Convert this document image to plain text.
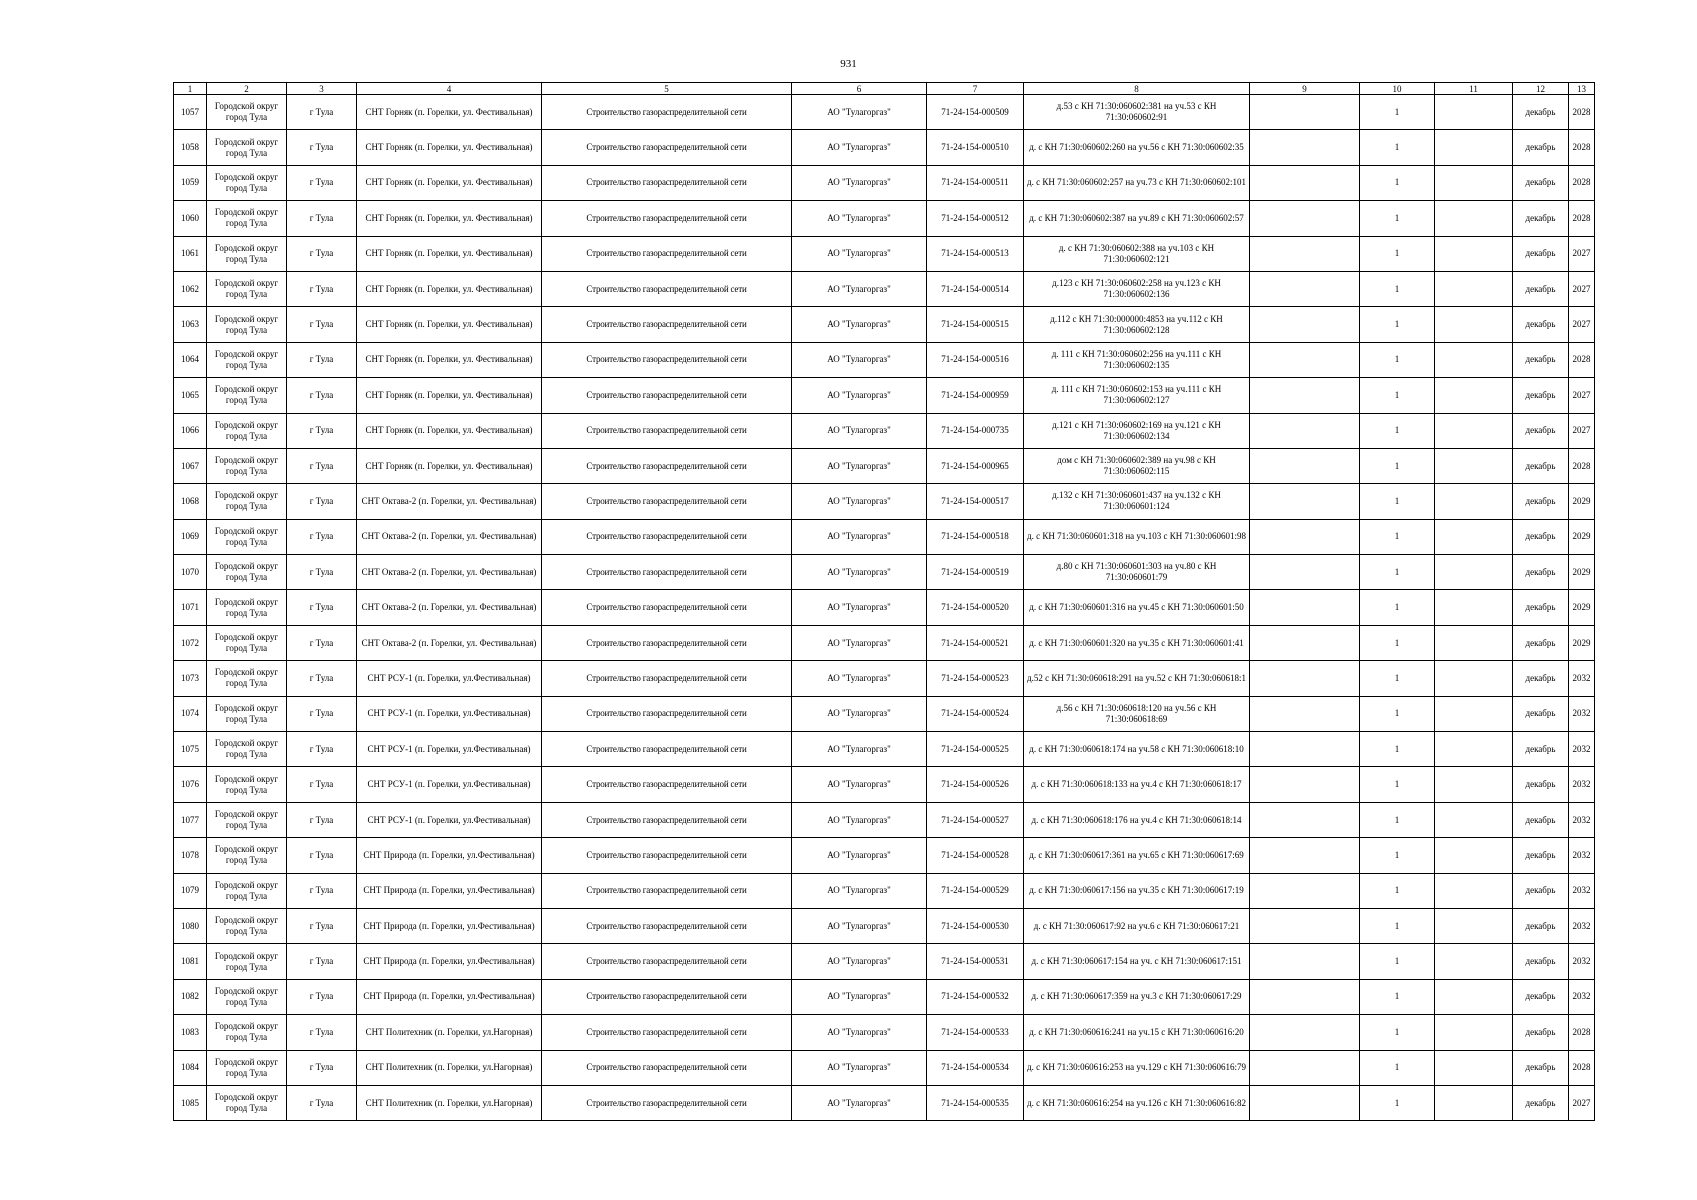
931
1	2	3	4	5	6	7	8	9	10	11	12	13
1057	Городской округ город Тула	г Тула	СНТ Горняк (п. Горелки, ул. Фестивальная)	Строительство газораспределительной сети	АО "Тулагоргаз"	71-24-154-000509	д.53 с КН 71:30:060602:381 на уч.53 с КН 71:30:060602:91		1		декабрь	2028
1058	Городской округ город Тула	г Тула	СНТ Горняк (п. Горелки, ул. Фестивальная)	Строительство газораспределительной сети	АО "Тулагоргаз"	71-24-154-000510	д. с КН 71:30:060602:260 на уч.56 с КН 71:30:060602:35		1		декабрь	2028
1059	Городской округ город Тула	г Тула	СНТ Горняк (п. Горелки, ул. Фестивальная)	Строительство газораспределительной сети	АО "Тулагоргаз"	71-24-154-000511	д. с КН 71:30:060602:257 на уч.73 с КН 71:30:060602:101		1		декабрь	2028
1060	Городской округ город Тула	г Тула	СНТ Горняк (п. Горелки, ул. Фестивальная)	Строительство газораспределительной сети	АО "Тулагоргаз"	71-24-154-000512	д. с КН 71:30:060602:387 на уч.89 с КН 71:30:060602:57		1		декабрь	2028
1061	Городской округ город Тула	г Тула	СНТ Горняк (п. Горелки, ул. Фестивальная)	Строительство газораспределительной сети	АО "Тулагоргаз"	71-24-154-000513	д. с КН 71:30:060602:388 на уч.103 с КН 71:30:060602:121		1		декабрь	2027
1062	Городской округ город Тула	г Тула	СНТ Горняк (п. Горелки, ул. Фестивальная)	Строительство газораспределительной сети	АО "Тулагоргаз"	71-24-154-000514	д.123 с КН 71:30:060602:258 на уч.123 с КН 71:30:060602:136		1		декабрь	2027
1063	Городской округ город Тула	г Тула	СНТ Горняк (п. Горелки, ул. Фестивальная)	Строительство газораспределительной сети	АО "Тулагоргаз"	71-24-154-000515	д.112 с КН 71:30:000000:4853 на уч.112 с КН 71:30:060602:128		1		декабрь	2027
1064	Городской округ город Тула	г Тула	СНТ Горняк (п. Горелки, ул. Фестивальная)	Строительство газораспределительной сети	АО "Тулагоргаз"	71-24-154-000516	д. 111 с КН 71:30:060602:256 на уч.111 с КН 71:30:060602:135		1		декабрь	2028
1065	Городской округ город Тула	г Тула	СНТ Горняк (п. Горелки, ул. Фестивальная)	Строительство газораспределительной сети	АО "Тулагоргаз"	71-24-154-000959	д. 111 с КН 71:30:060602:153 на уч.111 с КН 71:30:060602:127		1		декабрь	2027
1066	Городской округ город Тула	г Тула	СНТ Горняк (п. Горелки, ул. Фестивальная)	Строительство газораспределительной сети	АО "Тулагоргаз"	71-24-154-000735	д.121 с КН 71:30:060602:169 на уч.121 с КН 71:30:060602:134		1		декабрь	2027
1067	Городской округ город Тула	г Тула	СНТ Горняк (п. Горелки, ул. Фестивальная)	Строительство газораспределительной сети	АО "Тулагоргаз"	71-24-154-000965	дом с КН 71:30:060602:389 на уч.98 с КН 71:30:060602:115		1		декабрь	2028
1068	Городской округ город Тула	г Тула	СНТ Октава-2 (п. Горелки, ул. Фестивальная)	Строительство газораспределительной сети	АО "Тулагоргаз"	71-24-154-000517	д.132 с КН 71:30:060601:437 на уч.132 с КН 71:30:060601:124		1		декабрь	2029
1069	Городской округ город Тула	г Тула	СНТ Октава-2 (п. Горелки, ул. Фестивальная)	Строительство газораспределительной сети	АО "Тулагоргаз"	71-24-154-000518	д. с КН 71:30:060601:318 на уч.103 с КН 71:30:060601:98		1		декабрь	2029
1070	Городской округ город Тула	г Тула	СНТ Октава-2 (п. Горелки, ул. Фестивальная)	Строительство газораспределительной сети	АО "Тулагоргаз"	71-24-154-000519	д.80 с КН 71:30:060601:303 на уч.80 с КН 71:30:060601:79		1		декабрь	2029
1071	Городской округ город Тула	г Тула	СНТ Октава-2 (п. Горелки, ул. Фестивальная)	Строительство газораспределительной сети	АО "Тулагоргаз"	71-24-154-000520	д. с КН 71:30:060601:316 на уч.45 с КН 71:30:060601:50		1		декабрь	2029
1072	Городской округ город Тула	г Тула	СНТ Октава-2 (п. Горелки, ул. Фестивальная)	Строительство газораспределительной сети	АО "Тулагоргаз"	71-24-154-000521	д. с КН 71:30:060601:320 на уч.35 с КН 71:30:060601:41		1		декабрь	2029
1073	Городской округ город Тула	г Тула	СНТ РСУ-1 (п. Горелки, ул.Фестивальная)	Строительство газораспределительной сети	АО "Тулагоргаз"	71-24-154-000523	д.52 с КН 71:30:060618:291 на уч.52 с КН 71:30:060618:1		1		декабрь	2032
1074	Городской округ город Тула	г Тула	СНТ РСУ-1 (п. Горелки, ул.Фестивальная)	Строительство газораспределительной сети	АО "Тулагоргаз"	71-24-154-000524	д.56 с КН 71:30:060618:120 на уч.56 с КН 71:30:060618:69		1		декабрь	2032
1075	Городской округ город Тула	г Тула	СНТ РСУ-1 (п. Горелки, ул.Фестивальная)	Строительство газораспределительной сети	АО "Тулагоргаз"	71-24-154-000525	д. с КН 71:30:060618:174 на уч.58 с КН 71:30:060618:10		1		декабрь	2032
1076	Городской округ город Тула	г Тула	СНТ РСУ-1 (п. Горелки, ул.Фестивальная)	Строительство газораспределительной сети	АО "Тулагоргаз"	71-24-154-000526	д. с КН 71:30:060618:133 на уч.4 с КН 71:30:060618:17		1		декабрь	2032
1077	Городской округ город Тула	г Тула	СНТ РСУ-1 (п. Горелки, ул.Фестивальная)	Строительство газораспределительной сети	АО "Тулагоргаз"	71-24-154-000527	д. с КН 71:30:060618:176 на уч.4 с КН 71:30:060618:14		1		декабрь	2032
1078	Городской округ город Тула	г Тула	СНТ Природа (п. Горелки, ул.Фестивальная)	Строительство газораспределительной сети	АО "Тулагоргаз"	71-24-154-000528	д. с КН 71:30:060617:361 на уч.65 с КН 71:30:060617:69		1		декабрь	2032
1079	Городской округ город Тула	г Тула	СНТ Природа (п. Горелки, ул.Фестивальная)	Строительство газораспределительной сети	АО "Тулагоргаз"	71-24-154-000529	д. с КН 71:30:060617:156 на уч.35 с КН 71:30:060617:19		1		декабрь	2032
1080	Городской округ город Тула	г Тула	СНТ Природа (п. Горелки, ул.Фестивальная)	Строительство газораспределительной сети	АО "Тулагоргаз"	71-24-154-000530	д. с КН 71:30:060617:92 на уч.6 с КН 71:30:060617:21		1		декабрь	2032
1081	Городской округ город Тула	г Тула	СНТ Природа (п. Горелки, ул.Фестивальная)	Строительство газораспределительной сети	АО "Тулагоргаз"	71-24-154-000531	д. с КН 71:30:060617:154 на уч. с КН 71:30:060617:151		1		декабрь	2032
1082	Городской округ город Тула	г Тула	СНТ Природа (п. Горелки, ул.Фестивальная)	Строительство газораспределительной сети	АО "Тулагоргаз"	71-24-154-000532	д. с КН 71:30:060617:359 на уч.3 с КН 71:30:060617:29		1		декабрь	2032
1083	Городской округ город Тула	г Тула	СНТ Политехник (п. Горелки, ул.Нагорная)	Строительство газораспределительной сети	АО "Тулагоргаз"	71-24-154-000533	д. с КН 71:30:060616:241 на уч.15 с КН 71:30:060616:20		1		декабрь	2028
1084	Городской округ город Тула	г Тула	СНТ Политехник (п. Горелки, ул.Нагорная)	Строительство газораспределительной сети	АО "Тулагоргаз"	71-24-154-000534	д. с КН 71:30:060616:253 на уч.129 с КН 71:30:060616:79		1		декабрь	2028
1085	Городской округ город Тула	г Тула	СНТ Политехник (п. Горелки, ул.Нагорная)	Строительство газораспределительной сети	АО "Тулагоргаз"	71-24-154-000535	д. с КН 71:30:060616:254 на уч.126 с КН 71:30:060616:82		1		декабрь	2027
